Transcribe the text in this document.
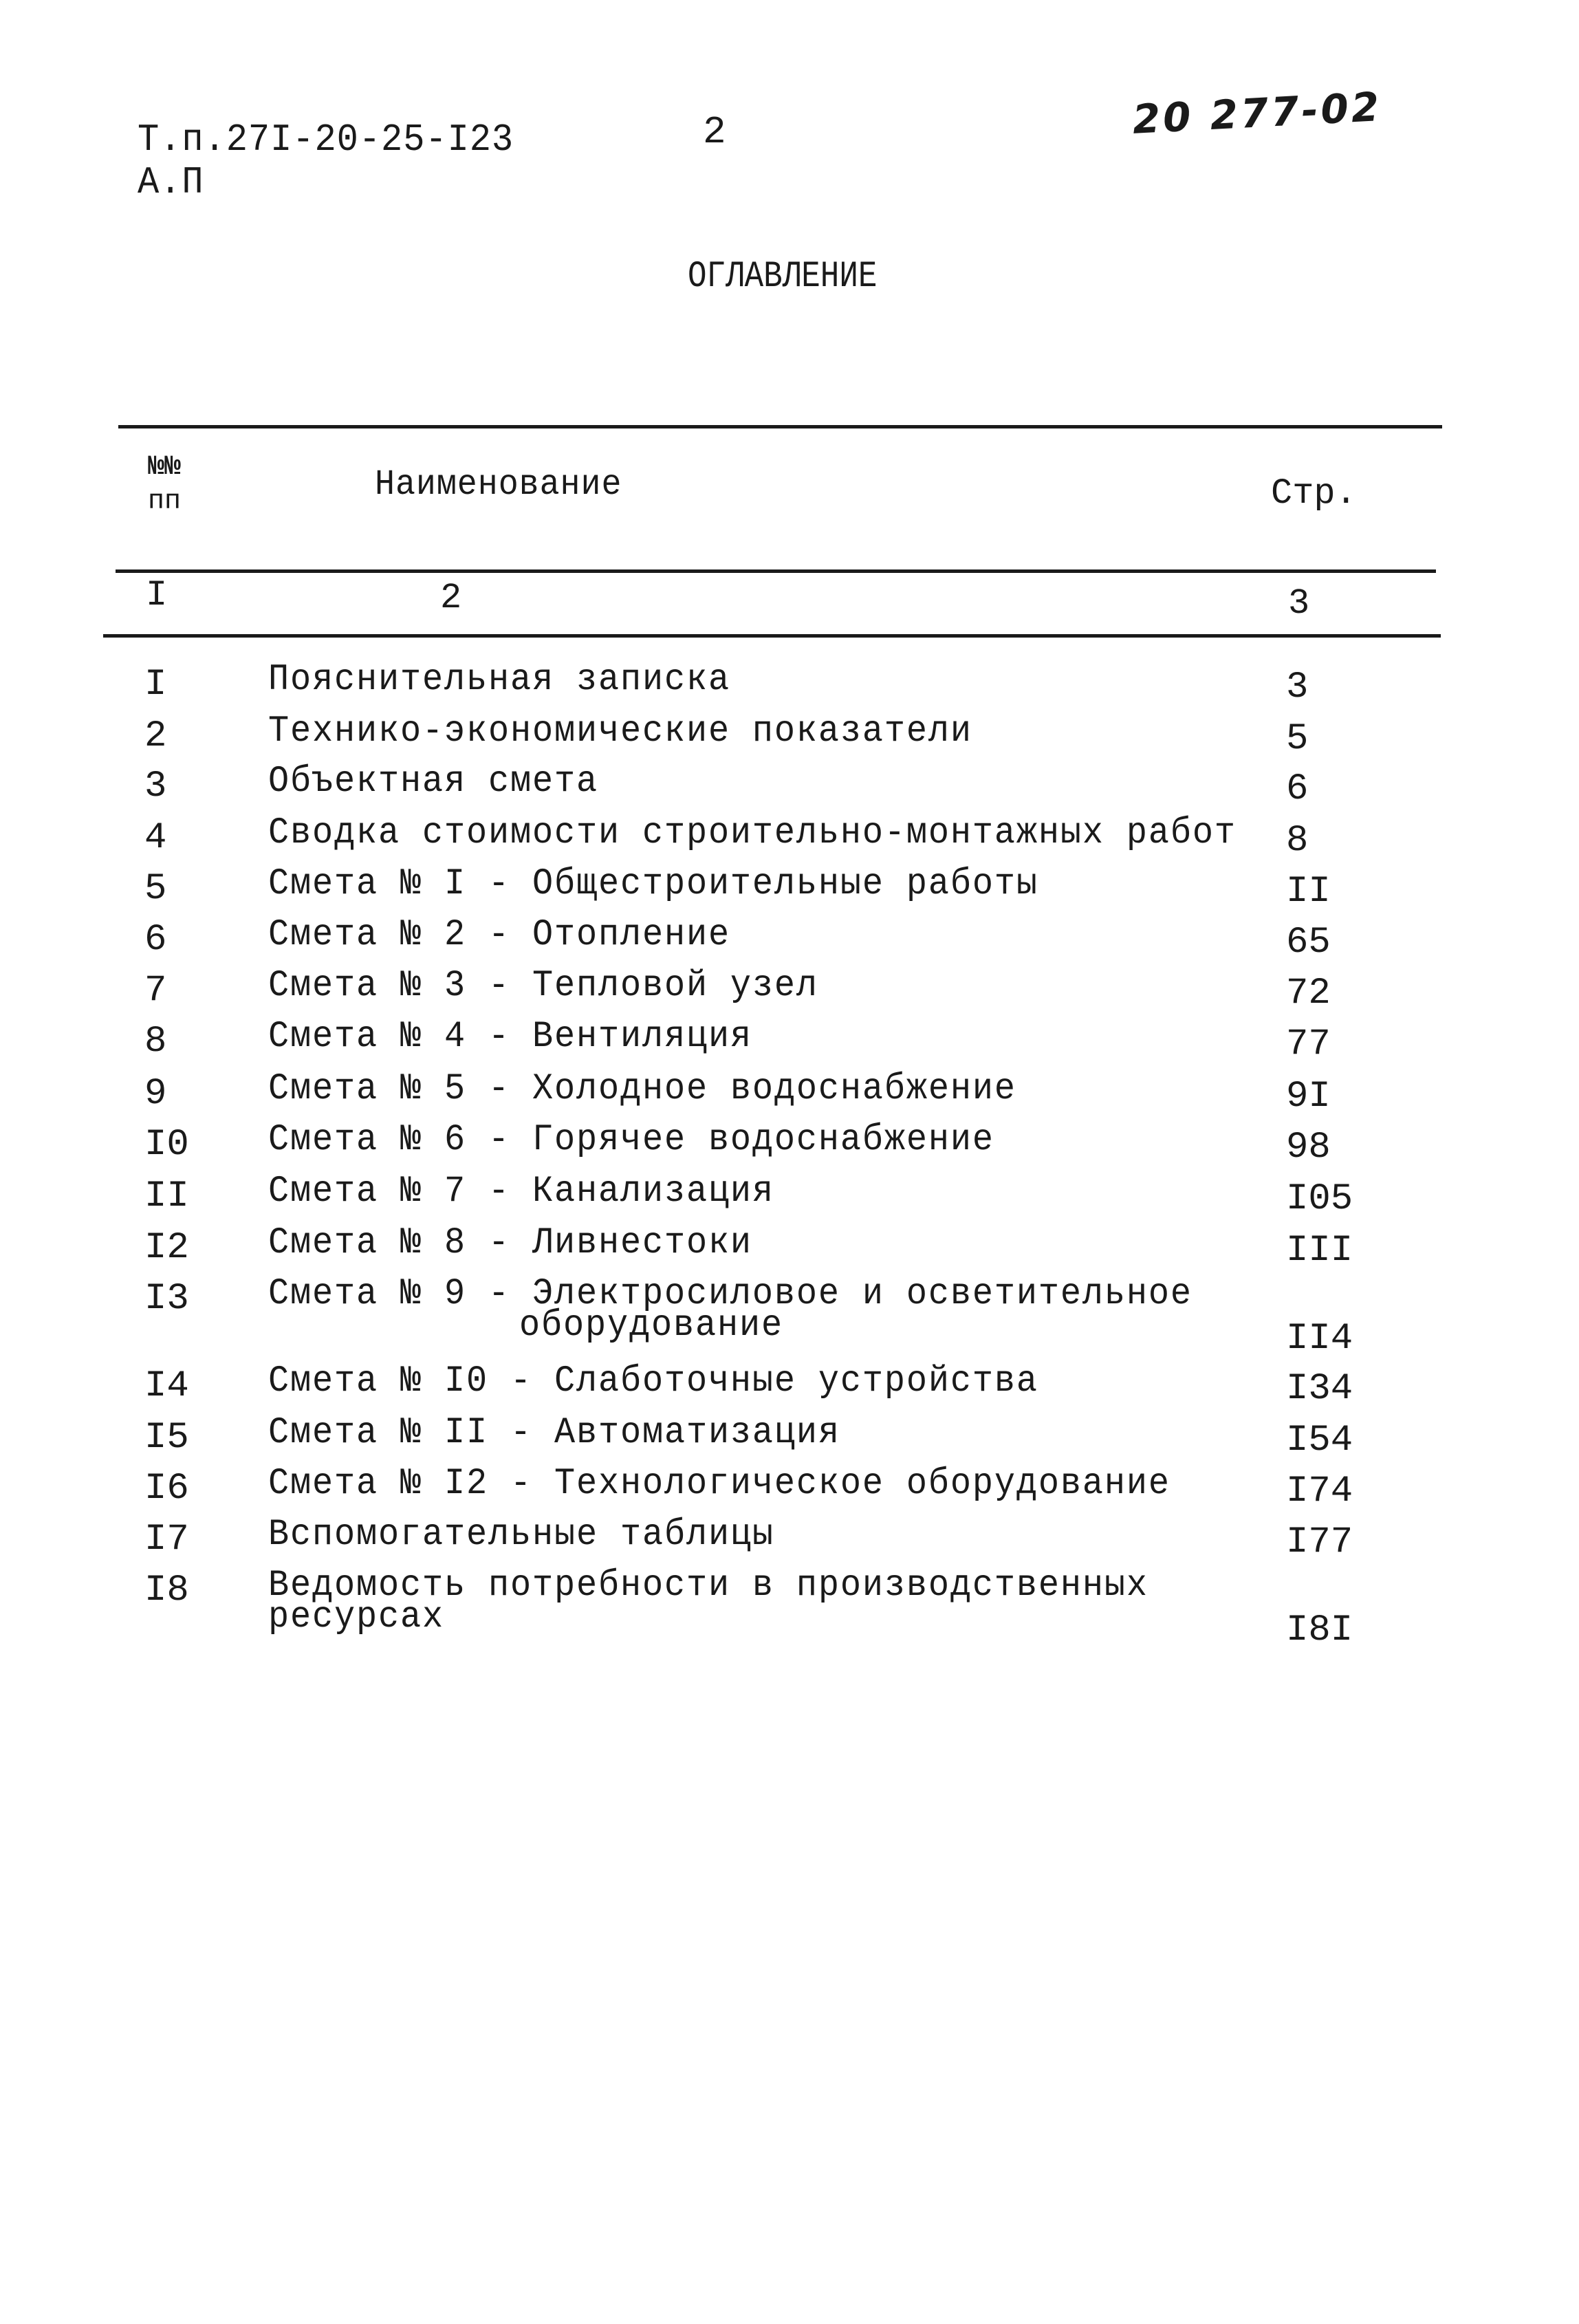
Т.п.27I-20-25-I23
А.П
2	20 277-02
ОГЛАВЛЕНИЕ
№№
пп	Наименование	Стр.
I	2	3
I	Пояснительная записка	3
2	Технико-экономические показатели	5
3	Объектная смета	6
4	Сводка стоимости строительно-монтажных работ 8
5	Смета № I - Общестроительные работы	II
6	Смета № 2 - Отопление	65
7	Смета № 3 - Тепловой узел	72
8	Смета № 4 - Вентиляция	77
9	Смета № 5 - Холодное водоснабжение	9I
I0 Смета № 6 - Горячее водоснабжение	98
II Смета № 7 - Канализация	I05
I2 Смета № 8 - Ливнестоки	III
I3 Смета № 9 - Электросиловое и осветительное
оборудование	II4
I4 Смета № I0 - Слаботочные устройства	I34
I5 Смета № II - Автоматизация	I54
I6 Смета № I2 - Технологическое оборудование	I74
I7 Вспомогательные таблицы	I77
I8 Ведомость потребности в производственных
ресурсах	I8I
